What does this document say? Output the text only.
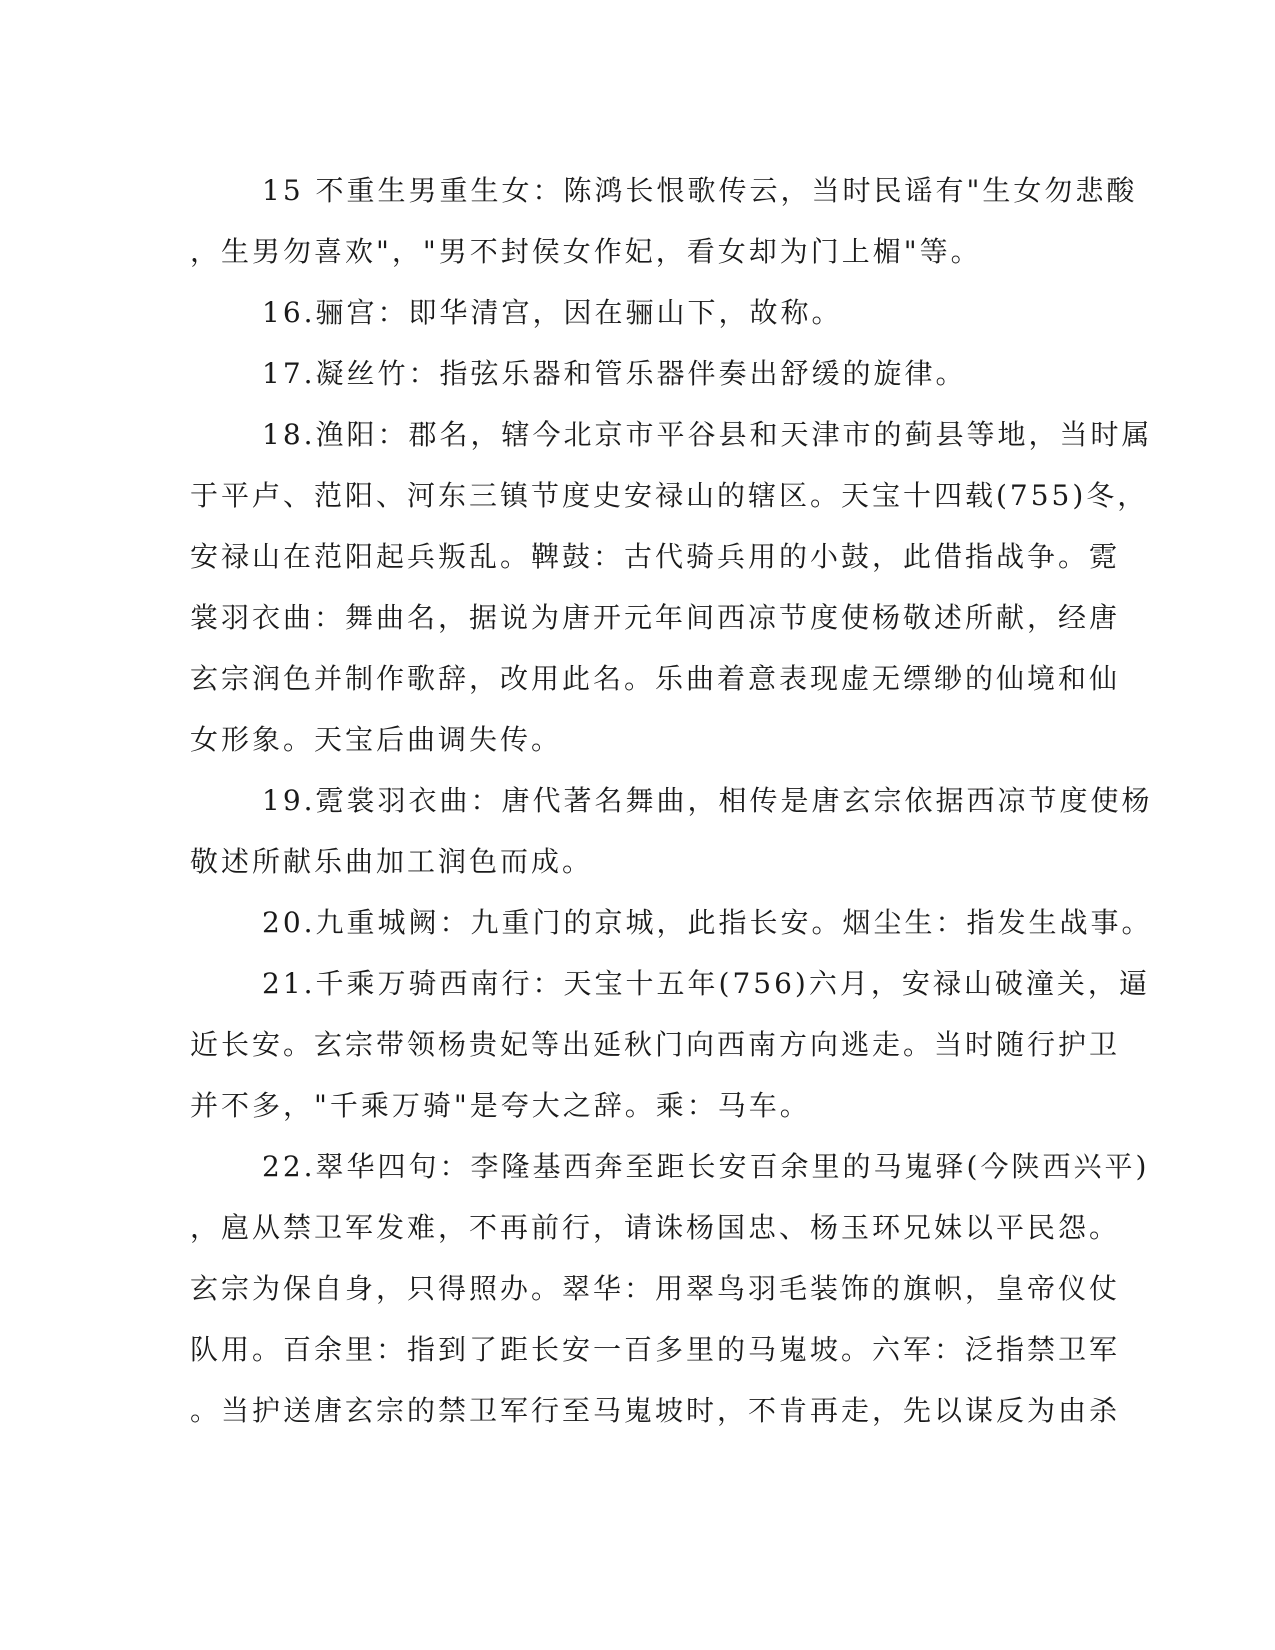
15 不重生男重生女：陈鸿长恨歌传云，当时民谣有"生女勿悲酸
，生男勿喜欢"，"男不封侯女作妃，看女却为门上楣"等。
16.骊宫：即华清宫，因在骊山下，故称。
17.凝丝竹：指弦乐器和管乐器伴奏出舒缓的旋律。
18.渔阳：郡名，辖今北京市平谷县和天津市的蓟县等地，当时属
于平卢、范阳、河东三镇节度史安禄山的辖区。天宝十四载(755)冬，
安禄山在范阳起兵叛乱。鞞鼓：古代骑兵用的小鼓，此借指战争。霓
裳羽衣曲：舞曲名，据说为唐开元年间西凉节度使杨敬述所献，经唐
玄宗润色并制作歌辞，改用此名。乐曲着意表现虚无缥缈的仙境和仙
女形象。天宝后曲调失传。
19.霓裳羽衣曲：唐代著名舞曲，相传是唐玄宗依据西凉节度使杨
敬述所献乐曲加工润色而成。
20.九重城阙：九重门的京城，此指长安。烟尘生：指发生战事。
21.千乘万骑西南行：天宝十五年(756)六月，安禄山破潼关，逼
近长安。玄宗带领杨贵妃等出延秋门向西南方向逃走。当时随行护卫
并不多，"千乘万骑"是夸大之辞。乘：马车。
22.翠华四句：李隆基西奔至距长安百余里的马嵬驿(今陕西兴平)
，扈从禁卫军发难，不再前行，请诛杨国忠、杨玉环兄妹以平民怨。
玄宗为保自身，只得照办。翠华：用翠鸟羽毛装饰的旗帜，皇帝仪仗
队用。百余里：指到了距长安一百多里的马嵬坡。六军：泛指禁卫军
。当护送唐玄宗的禁卫军行至马嵬坡时，不肯再走，先以谋反为由杀
